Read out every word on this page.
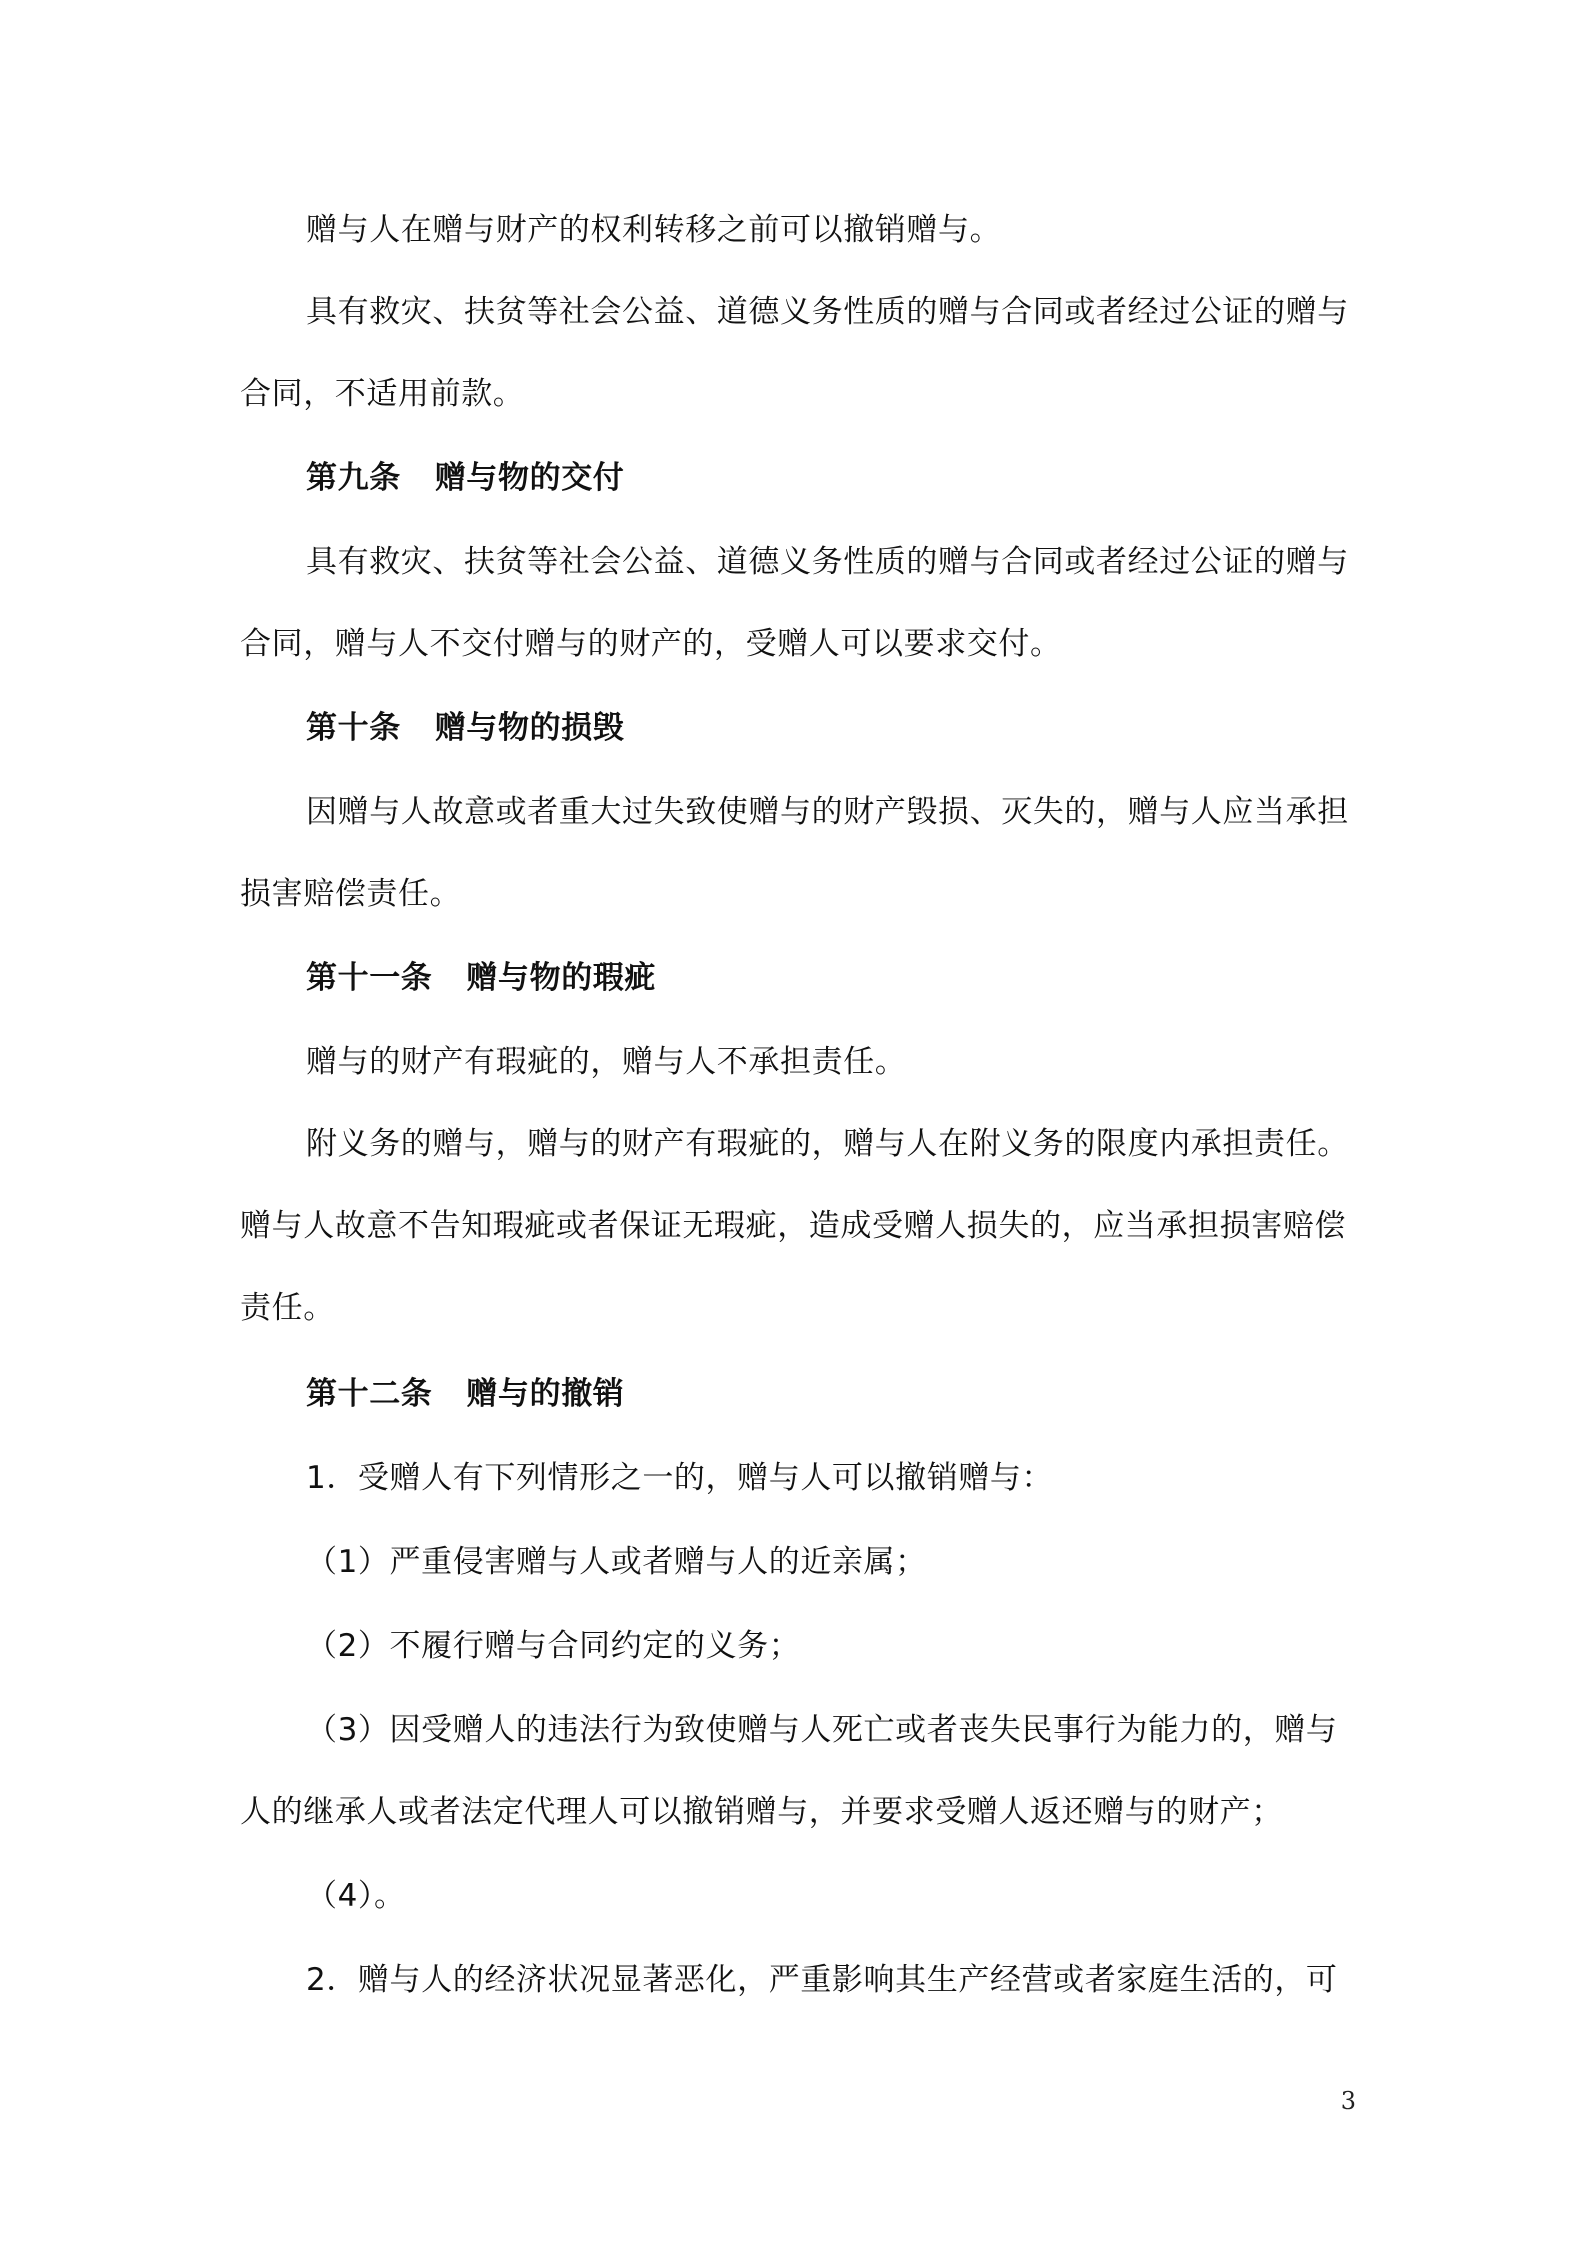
赠与人在赠与财产的权利转移之前可以撤销赠与。
具有救灾、扶贫等社会公益、道德义务性质的赠与合同或者经过公证的赠与
合同，不适用前款。
第九条 赠与物的交付
具有救灾、扶贫等社会公益、道德义务性质的赠与合同或者经过公证的赠与
合同，赠与人不交付赠与的财产的，受赠人可以要求交付。
第十条 赠与物的损毁
因赠与人故意或者重大过失致使赠与的财产毁损、灭失的，赠与人应当承担
损害赔偿责任。
第十一条 赠与物的瑕疵
赠与的财产有瑕疵的，赠与人不承担责任。
附义务的赠与，赠与的财产有瑕疵的，赠与人在附义务的限度内承担责任。
赠与人故意不告知瑕疵或者保证无瑕疵，造成受赠人损失的，应当承担损害赔偿
责任。
第十二条 赠与的撤销
1．受赠人有下列情形之一的，赠与人可以撤销赠与：
（1）严重侵害赠与人或者赠与人的近亲属；
（2）不履行赠与合同约定的义务；
（3）因受赠人的违法行为致使赠与人死亡或者丧失民事行为能力的，赠与
人的继承人或者法定代理人可以撤销赠与，并要求受赠人返还赠与的财产；
（4）。
2．赠与人的经济状况显著恶化，严重影响其生产经营或者家庭生活的，可
3
